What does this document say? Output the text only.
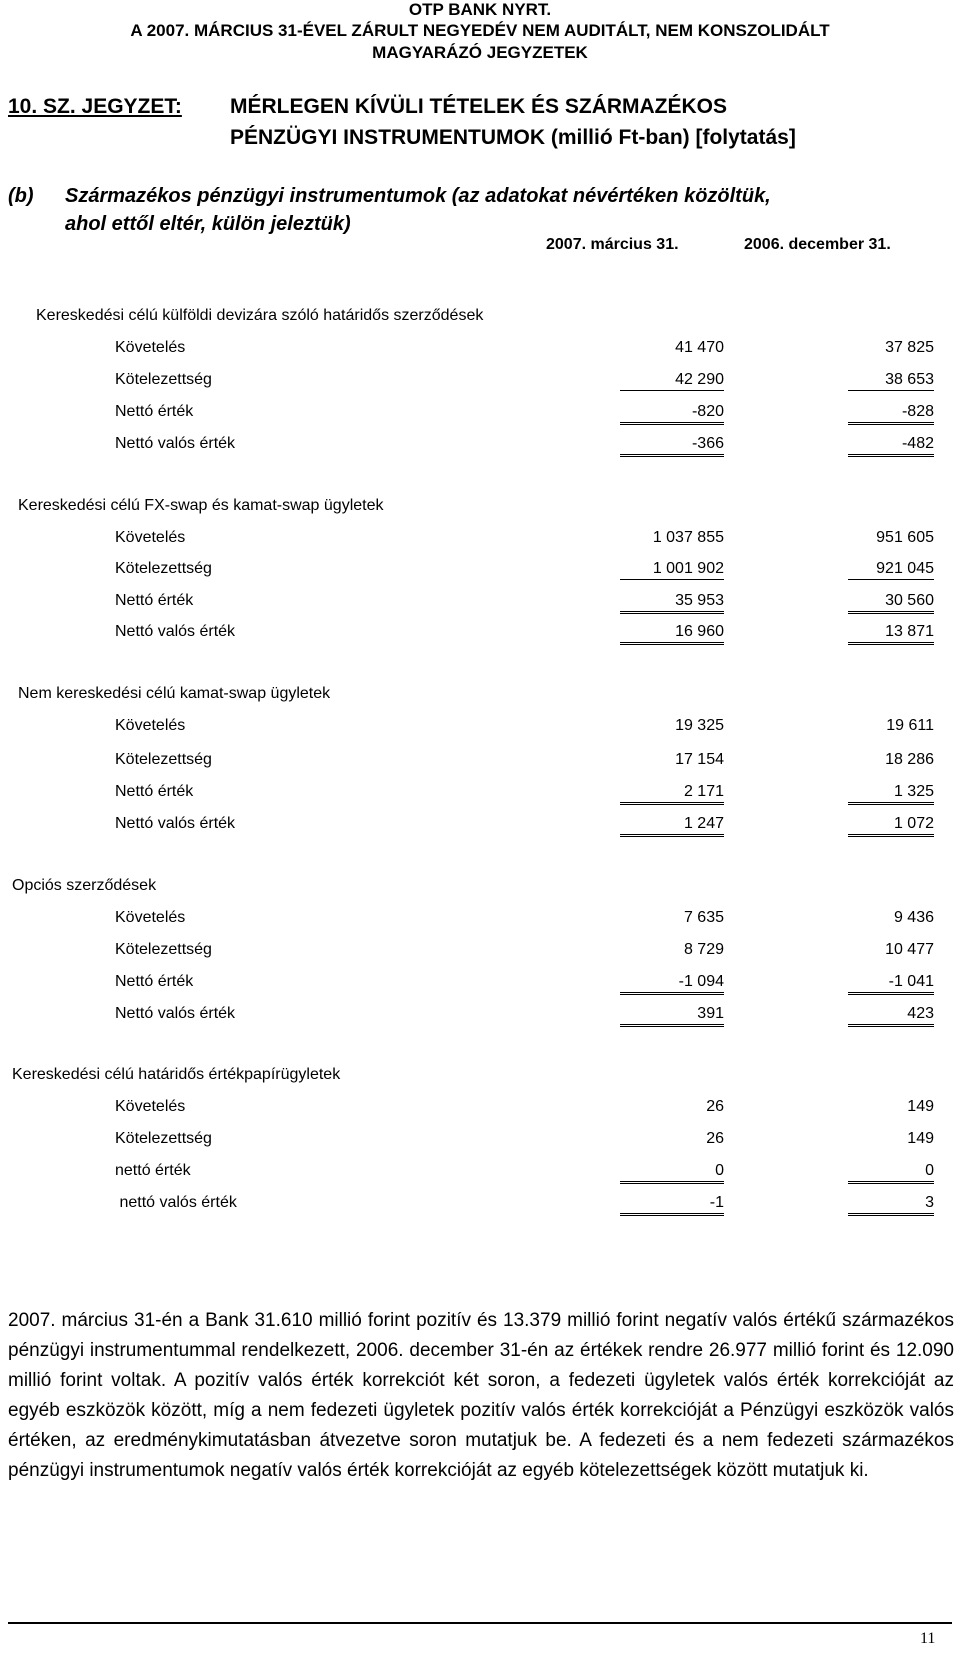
OTP BANK NYRT.
A 2007. MÁRCIUS 31-ÉVEL ZÁRULT NEGYEDÉV NEM AUDITÁLT, NEM KONSZOLIDÁLT
MAGYARÁZÓ JEGYZETEK
10. SZ. JEGYZET: MÉRLEGEN KÍVÜLI TÉTELEK ÉS SZÁRMAZÉKOS
PÉNZÜGYI INSTRUMENTUMOK (millió Ft-ban) [folytatás]
(b) Származékos pénzügyi instrumentumok (az adatokat névértéken közöltük,
ahol ettől eltér, külön jeleztük)
2007. március 31.	2006. december 31.
Kereskedési célú külföldi devizára szóló határidős szerződések
Követelés	41 470	37 825
Kötelezettség	42 290	38 653
Nettó érték	-820	-828
Nettó valós érték	-366	-482
Kereskedési célú FX-swap és kamat-swap ügyletek
Követelés	1 037 855	951 605
Kötelezettség	1 001 902	921 045
Nettó érték	35 953	30 560
Nettó valós érték	16 960	13 871
Nem kereskedési célú kamat-swap ügyletek
Követelés	19 325	19 611
Kötelezettség	17 154	18 286
Nettó érték	2 171	1 325
Nettó valós érték	1 247	1 072
Opciós szerződések
Követelés	7 635	9 436
Kötelezettség	8 729	10 477
Nettó érték	-1 094	-1 041
Nettó valós érték	391	423
Kereskedési célú határidős értékpapírügyletek
Követelés	26	149
Kötelezettség	26	149
nettó érték	0	0
nettó valós érték	-1	3
2007. március 31-én a Bank 31.610 millió forint pozitív és 13.379 millió forint negatív valós értékű származékos pénzügyi instrumentummal rendelkezett, 2006. december 31-én az értékek rendre 26.977 millió forint és 12.090 millió forint voltak. A pozitív valós érték korrekciót két soron, a fedezeti ügyletek valós érték korrekcióját az egyéb eszközök között, míg a nem fedezeti ügyletek pozitív valós érték korrekcióját a Pénzügyi eszközök valós értéken, az eredménykimutatásban átvezetve soron mutatjuk be. A fedezeti és a nem fedezeti származékos pénzügyi instrumentumok negatív valós érték korrekcióját az egyéb kötelezettségek között mutatjuk ki.
11
